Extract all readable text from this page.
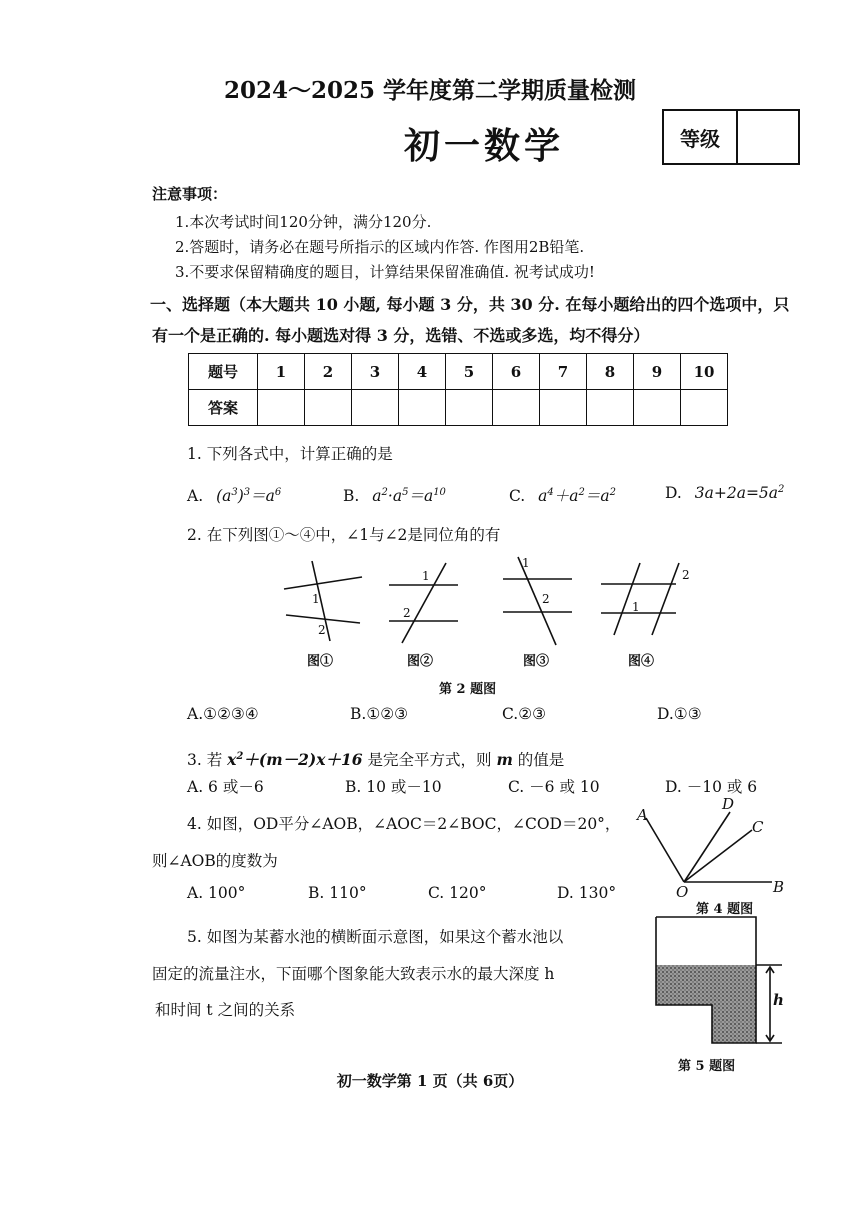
2024～2025 学年度第二学期质量检测
初一数学	等级
注意事项：
1.本次考试时间120分钟，满分120分.
2.答题时，请务必在题号所指示的区域内作答. 作图用2B铅笔.
3.不要求保留精确度的题目，计算结果保留准确值. 祝考试成功!
一、选择题（本大题共 10 小题, 每小题 3 分，共 30 分. 在每小题给出的四个选项中，只
有一个是正确的. 每小题选对得 3 分，选错、不选或多选，均不得分）
题号	1	2	3	4	5	6	7	8	9	10
答案										
1. 下列各式中，计算正确的是
A. $(a^3)^3=a^6$	B. $a^2\cdot a^5=a^{10}$	C. $a^4+a^2=a^2$	D. $3a+2a=5a^2$
2. 在下列图①～④中，∠1与∠2是同位角的有
1
2
1
2
1
2
1
2
图①	图②	图③	图④
第 2 题图
A.①②③④	B.①②③	C.②③	D.①③
3. 若 $x^2+(m-2)x+16$ 是完全平方式，则 m 的值是
A. 6 或－6	B. 10 或－10	C. －6 或 10	D. －10 或 6
4. 如图，OD平分∠AOB，∠AOC＝2∠BOC，∠COD＝20°，
则∠AOB的度数为
A. 100°	B. 110°	C. 120°	D. 130°
A
D
C
O	B
第 4 题图
5. 如图为某蓄水池的横断面示意图，如果这个蓄水池以
固定的流量注水，下面哪个图象能大致表示水的最大深度 h
和时间 t 之间的关系
h
第 5 题图
初一数学第 1 页（共 6页）
